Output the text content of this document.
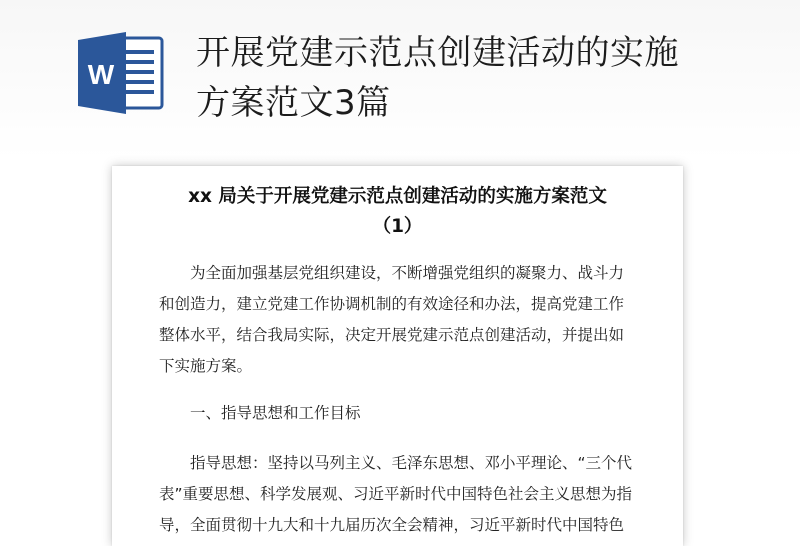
W
开展党建示范点创建活动的实施
方案范文3篇
xx 局关于开展党建示范点创建活动的实施方案范文
（1）
　　为全面加强基层党组织建设，不断增强党组织的凝聚力、战斗力
和创造力，建立党建工作协调机制的有效途径和办法，提高党建工作
整体水平，结合我局实际，决定开展党建示范点创建活动，并提出如
下实施方案。
　　一、指导思想和工作目标
　　指导思想：坚持以马列主义、毛泽东思想、邓小平理论、“三个代
表”重要思想、科学发展观、习近平新时代中国特色社会主义思想为指
导，全面贯彻十九大和十九届历次全会精神，习近平新时代中国特色
